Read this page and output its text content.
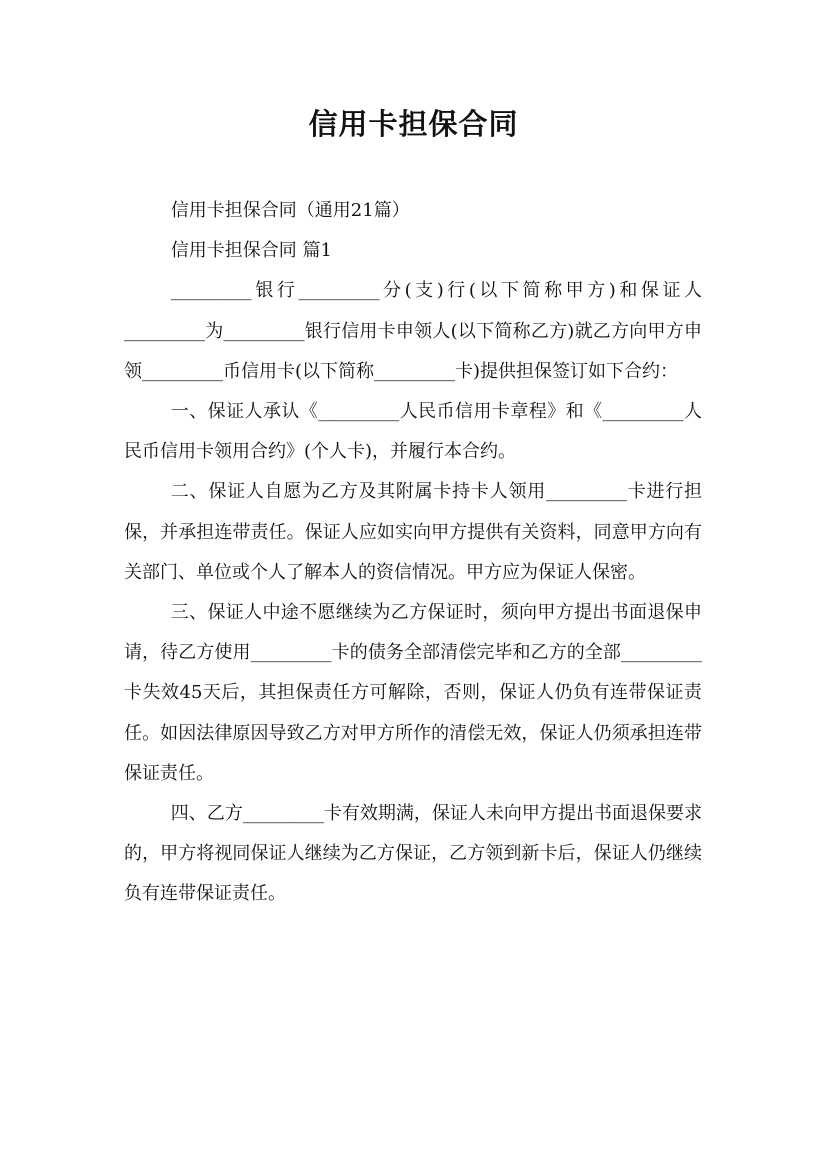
信用卡担保合同

信用卡担保合同（通用21篇）

信用卡担保合同 篇1

_________银行_________分(支)行(以下简称甲方)和保证人_________为_________银行信用卡申领人(以下简称乙方)就乙方向甲方申领_________币信用卡(以下简称_________卡)提供担保签订如下合约：

一、保证人承认《_________人民币信用卡章程》和《_________人民币信用卡领用合约》(个人卡)，并履行本合约。

二、保证人自愿为乙方及其附属卡持卡人领用_________卡进行担保，并承担连带责任。保证人应如实向甲方提供有关资料，同意甲方向有关部门、单位或个人了解本人的资信情况。甲方应为保证人保密。

三、保证人中途不愿继续为乙方保证时，须向甲方提出书面退保申请，待乙方使用_________卡的债务全部清偿完毕和乙方的全部_________卡失效45天后，其担保责任方可解除，否则，保证人仍负有连带保证责任。如因法律原因导致乙方对甲方所作的清偿无效，保证人仍须承担连带保证责任。

四、乙方_________卡有效期满，保证人未向甲方提出书面退保要求的，甲方将视同保证人继续为乙方保证，乙方领到新卡后，保证人仍继续负有连带保证责任。
